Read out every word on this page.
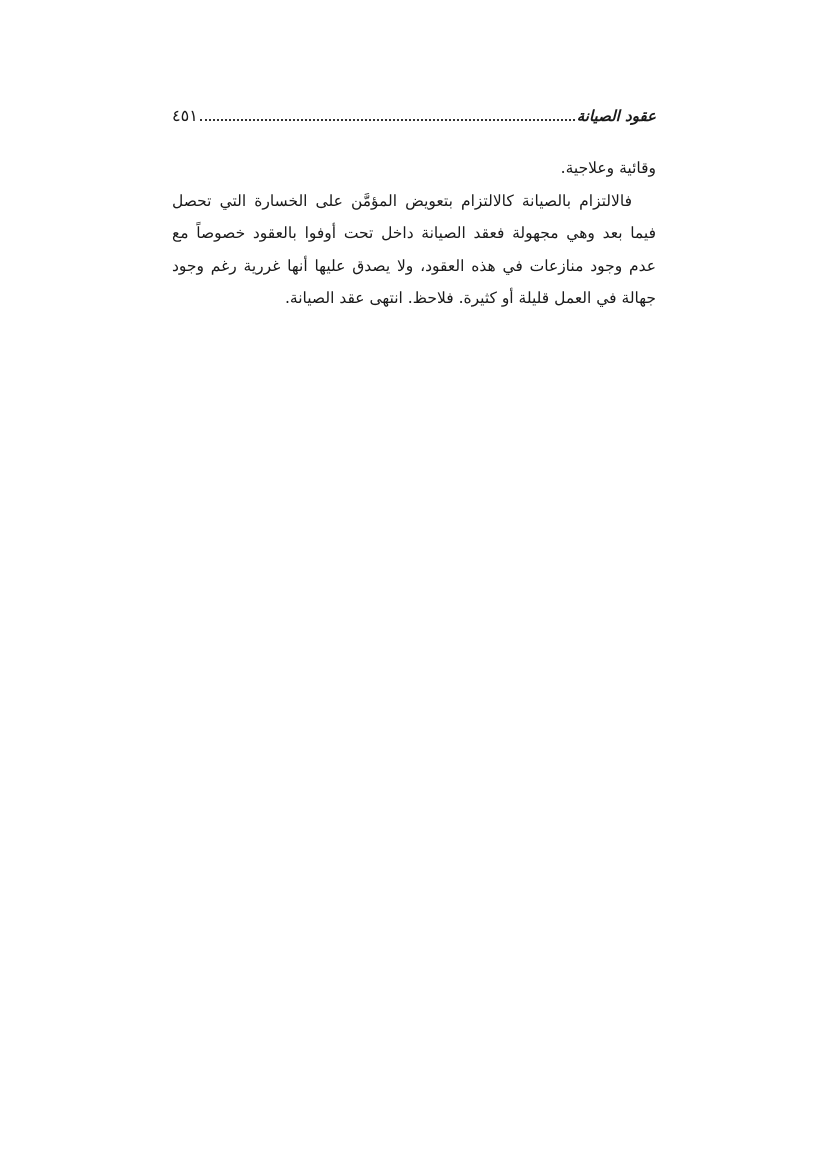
عقود الصيانة
٤٥١

وقائية وعلاجية.

فالالتزام بالصيانة كالالتزام بتعويض المؤمَّن على الخسارة التي تحصل فيما بعد وهي مجهولة فعقد الصيانة داخل تحت أوفوا بالعقود خصوصاً مع عدم وجود منازعات في هذه العقود، ولا يصدق عليها أنها غررية رغم وجود جهالة في العمل قليلة أو كثيرة. فلاحظ. انتهى عقد الصيانة.
